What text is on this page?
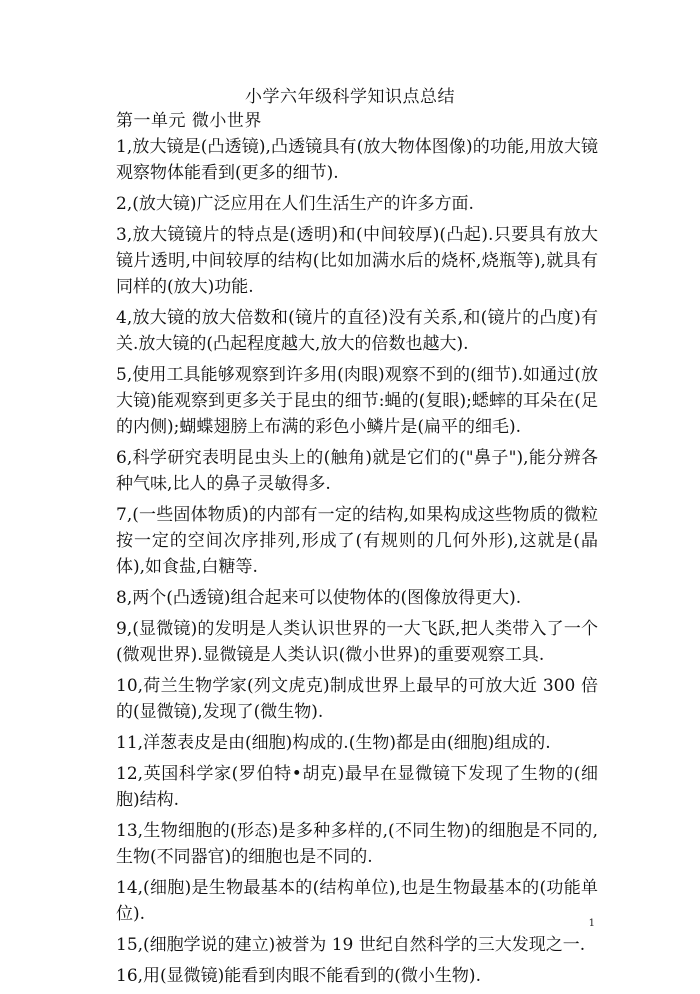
小学六年级科学知识点总结
第一单元 微小世界

1,放大镜是(凸透镜),凸透镜具有(放大物体图像)的功能,用放大镜观察物体能看到(更多的细节).

2,(放大镜)广泛应用在人们生活生产的许多方面.

3,放大镜镜片的特点是(透明)和(中间较厚)(凸起).只要具有放大镜片透明,中间较厚的结构(比如加满水后的烧杯,烧瓶等),就具有同样的(放大)功能.

4,放大镜的放大倍数和(镜片的直径)没有关系,和(镜片的凸度)有关.放大镜的(凸起程度越大,放大的倍数也越大).

5,使用工具能够观察到许多用(肉眼)观察不到的(细节).如通过(放大镜)能观察到更多关于昆虫的细节:蝇的(复眼);蟋蟀的耳朵在(足的内侧);蝴蝶翅膀上布满的彩色小鳞片是(扁平的细毛).

6,科学研究表明昆虫头上的(触角)就是它们的("鼻子"),能分辨各种气味,比人的鼻子灵敏得多.

7,(一些固体物质)的内部有一定的结构,如果构成这些物质的微粒按一定的空间次序排列,形成了(有规则的几何外形),这就是(晶体),如食盐,白糖等.

8,两个(凸透镜)组合起来可以使物体的(图像放得更大).

9,(显微镜)的发明是人类认识世界的一大飞跃,把人类带入了一个(微观世界).显微镜是人类认识(微小世界)的重要观察工具.

10,荷兰生物学家(列文虎克)制成世界上最早的可放大近 300 倍的(显微镜),发现了(微生物).

11,洋葱表皮是由(细胞)构成的.(生物)都是由(细胞)组成的.

12,英国科学家(罗伯特•胡克)最早在显微镜下发现了生物的(细胞)结构.

13,生物细胞的(形态)是多种多样的,(不同生物)的细胞是不同的,生物(不同器官)的细胞也是不同的.

14,(细胞)是生物最基本的(结构单位),也是生物最基本的(功能单位).

15,(细胞学说的建立)被誉为 19 世纪自然科学的三大发现之一.

16,用(显微镜)能看到肉眼不能看到的(微小生物).

1
